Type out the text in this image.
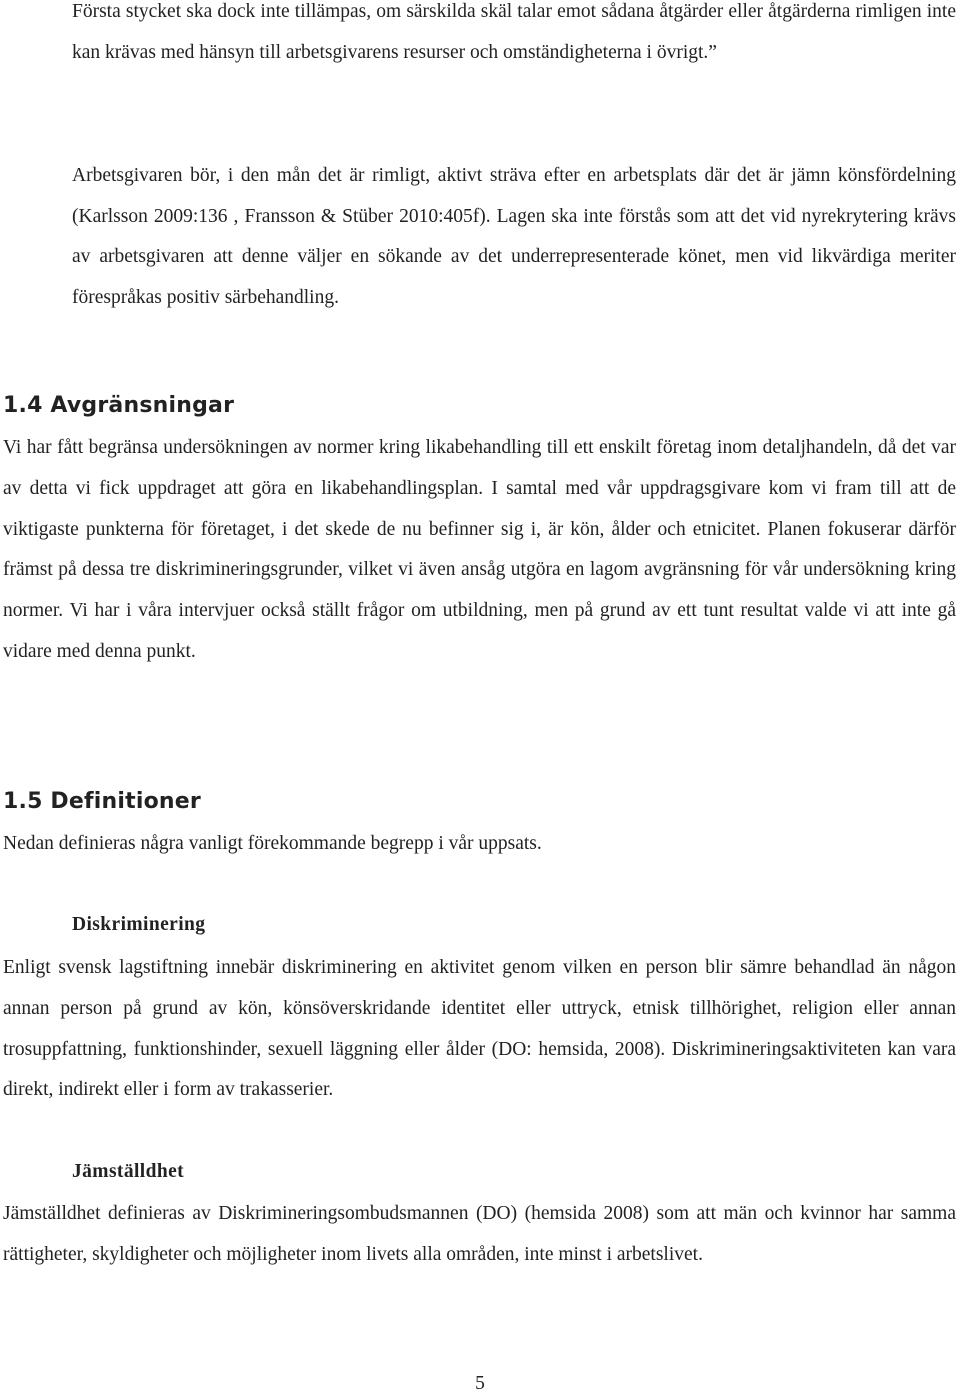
Första stycket ska dock inte tillämpas, om särskilda skäl talar emot sådana åtgärder eller åtgärderna rimligen inte kan krävas med hänsyn till arbetsgivarens resurser och omständigheterna i övrigt.”

Arbetsgivaren bör, i den mån det är rimligt, aktivt sträva efter en arbetsplats där det är jämn könsfördelning (Karlsson 2009:136 , Fransson & Stüber 2010:405f). Lagen ska inte förstås som att det vid nyrekrytering krävs av arbetsgivaren att denne väljer en sökande av det underrepresenterade könet, men vid likvärdiga meriter förespråkas positiv särbehandling.

1.4 Avgränsningar

Vi har fått begränsa undersökningen av normer kring likabehandling till ett enskilt företag inom detaljhandeln, då det var av detta vi fick uppdraget att göra en likabehandlingsplan. I samtal med vår uppdragsgivare kom vi fram till att de viktigaste punkterna för företaget, i det skede de nu befinner sig i, är kön, ålder och etnicitet. Planen fokuserar därför främst på dessa tre diskrimineringsgrunder, vilket vi även ansåg utgöra en lagom avgränsning för vår undersökning kring normer. Vi har i våra intervjuer också ställt frågor om utbildning, men på grund av ett tunt resultat valde vi att inte gå vidare med denna punkt.

1.5 Definitioner

Nedan definieras några vanligt förekommande begrepp i vår uppsats.

Diskriminering

Enligt svensk lagstiftning innebär diskriminering en aktivitet genom vilken en person blir sämre behandlad än någon annan person på grund av kön, könsöverskridande identitet eller uttryck, etnisk tillhörighet, religion eller annan trosuppfattning, funktionshinder, sexuell läggning eller ålder (DO: hemsida, 2008). Diskrimineringsaktiviteten kan vara direkt, indirekt eller i form av trakasserier.

Jämställdhet

Jämställdhet definieras av Diskrimineringsombudsmannen (DO) (hemsida 2008) som att män och kvinnor har samma rättigheter, skyldigheter och möjligheter inom livets alla områden, inte minst i arbetslivet.

5
